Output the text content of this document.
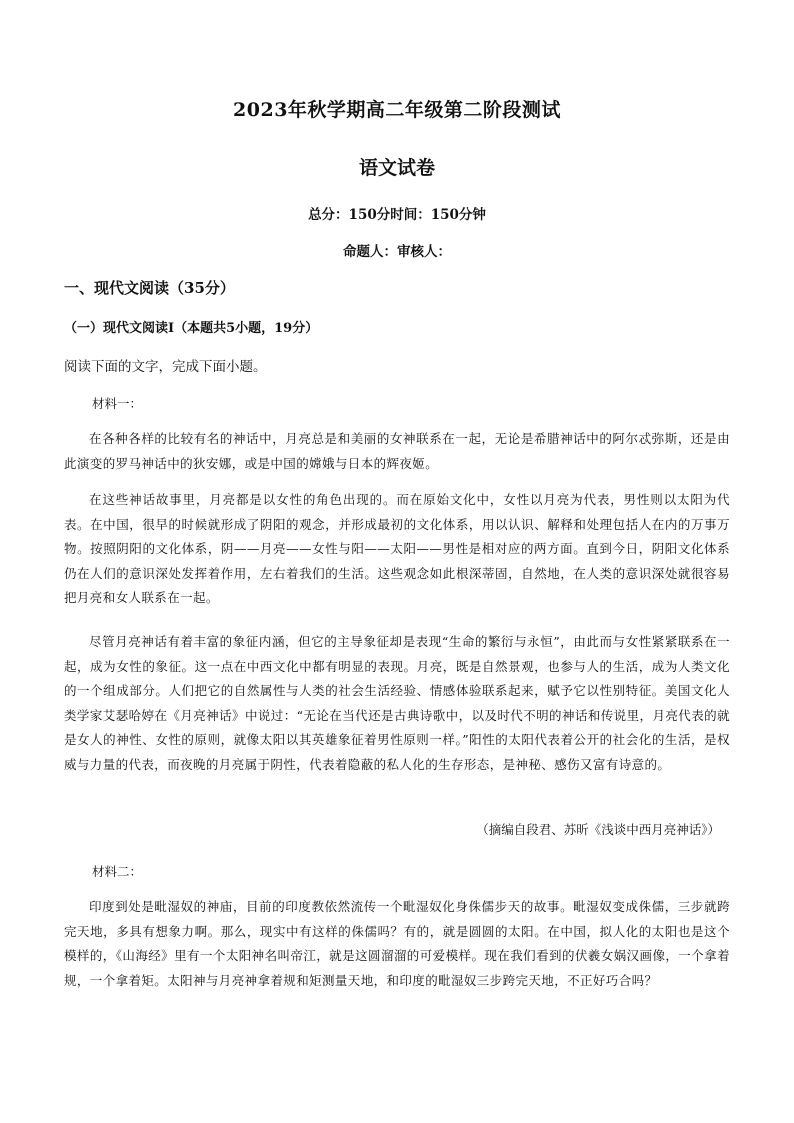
2023年秋学期高二年级第二阶段测试
语文试卷
总分：150分时间：150分钟
命题人：审核人：
一、现代文阅读（35分）
（一）现代文阅读Ⅰ（本题共5小题，19分）
阅读下面的文字，完成下面小题。
材料一：
在各种各样的比较有名的神话中，月亮总是和美丽的女神联系在一起，无论是希腊神话中的阿尔忒弥斯，还是由此演变的罗马神话中的狄安娜，或是中国的嫦娥与日本的辉夜姬。
在这些神话故事里，月亮都是以女性的角色出现的。而在原始文化中，女性以月亮为代表，男性则以太阳为代表。在中国，很早的时候就形成了阴阳的观念，并形成最初的文化体系，用以认识、解释和处理包括人在内的万事万物。按照阴阳的文化体系，阴——月亮——女性与阳——太阳——男性是相对应的两方面。直到今日，阴阳文化体系仍在人们的意识深处发挥着作用，左右着我们的生活。这些观念如此根深蒂固，自然地，在人类的意识深处就很容易把月亮和女人联系在一起。
尽管月亮神话有着丰富的象征内涵，但它的主导象征却是表现“生命的繁衍与永恒”，由此而与女性紧紧联系在一起，成为女性的象征。这一点在中西文化中都有明显的表现。月亮，既是自然景观，也参与人的生活，成为人类文化的一个组成部分。人们把它的自然属性与人类的社会生活经验、情感体验联系起来，赋予它以性别特征。美国文化人类学家艾瑟哈婷在《月亮神话》中说过：“无论在当代还是古典诗歌中，以及时代不明的神话和传说里，月亮代表的就是女人的神性、女性的原则，就像太阳以其英雄象征着男性原则一样。”阳性的太阳代表着公开的社会化的生活，是权威与力量的代表，而夜晚的月亮属于阴性，代表着隐蔽的私人化的生存形态，是神秘、感伤又富有诗意的。
（摘编自段君、苏昕《浅谈中西月亮神话》）
材料二：
印度到处是毗湿奴的神庙，目前的印度教依然流传一个毗湿奴化身侏儒步天的故事。毗湿奴变成侏儒，三步就跨完天地，多具有想象力啊。那么，现实中有这样的侏儒吗？有的，就是圆圆的太阳。在中国，拟人化的太阳也是这个模样的，《山海经》里有一个太阳神名叫帝江，就是这圆溜溜的可爱模样。现在我们看到的伏羲女娲汉画像，一个拿着规，一个拿着矩。太阳神与月亮神拿着规和矩测量天地，和印度的毗湿奴三步跨完天地，不正好巧合吗？
